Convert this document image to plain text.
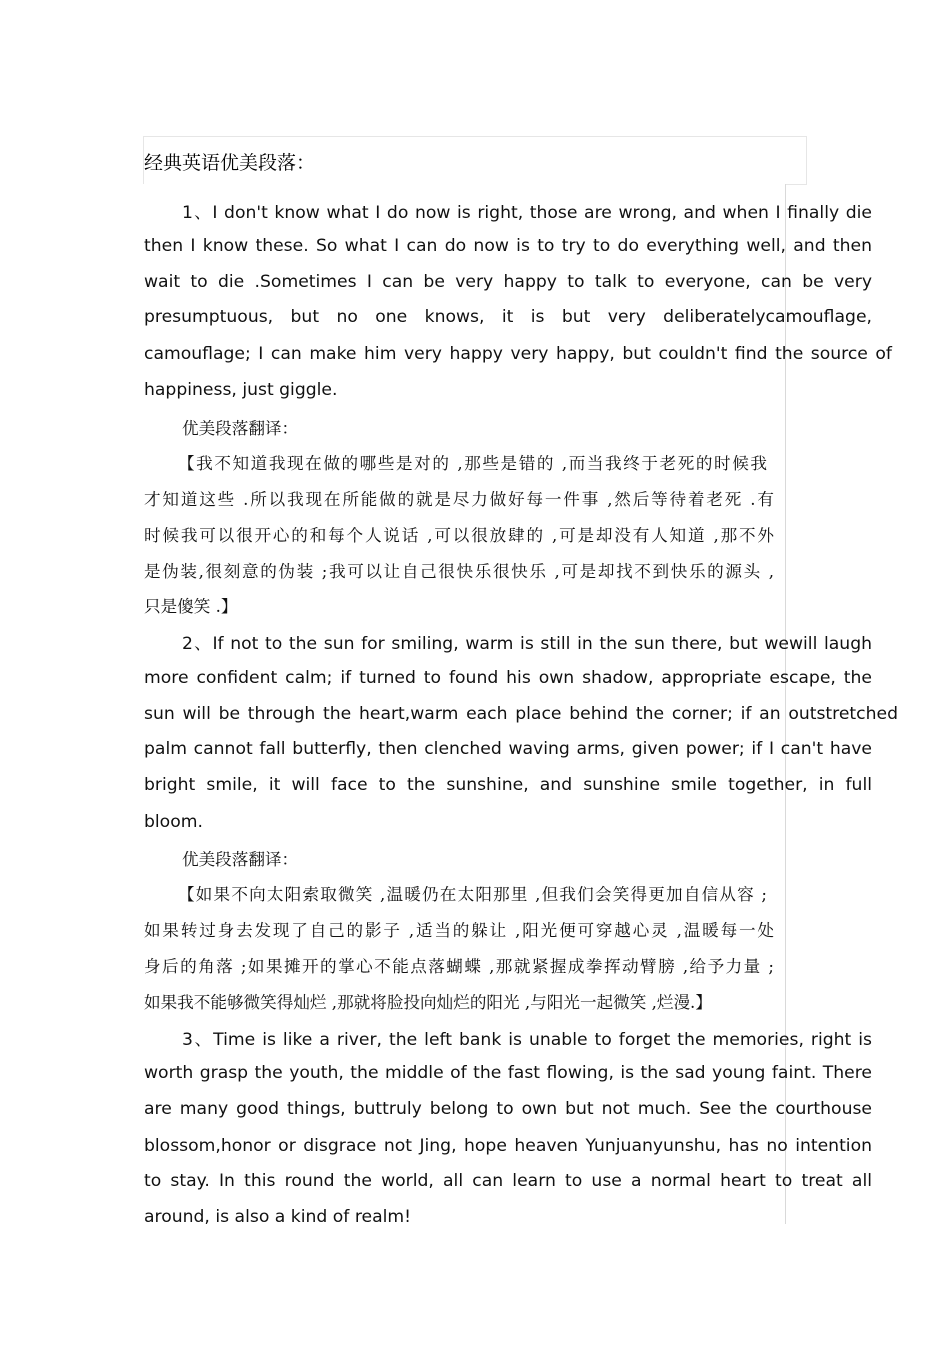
经典英语优美段落：

1、I don't know what I do now is right, those are wrong, and when I finally die

then I know these. So what I can do now is to try to do everything well, and then

wait to die .Sometimes I can be very happy to talk to everyone, can be very

presumptuous, but no one knows, it is but very deliberatelycamouflage,

camouflage; I can make him very happy very happy, but couldn't find the source of

happiness, just giggle.

优美段落翻译：

【我不知道我现在做的哪些是对的 ,那些是错的 ,而当我终于老死的时候我

才知道这些 .所以我现在所能做的就是尽力做好每一件事 ,然后等待着老死 .有

时候我可以很开心的和每个人说话 ,可以很放肆的 ,可是却没有人知道 ,那不外

是伪装,很刻意的伪装 ;我可以让自己很快乐很快乐 ,可是却找不到快乐的源头 ,

只是傻笑 .】

2、If not to the sun for smiling, warm is still in the sun there, but wewill laugh

more confident calm; if turned to found his own shadow, appropriate escape, the

sun will be through the heart,warm each place behind the corner; if an outstretched

palm cannot fall butterfly, then clenched waving arms, given power; if I can't have

bright smile, it will face to the sunshine, and sunshine smile together, in full

bloom.

优美段落翻译：

【如果不向太阳索取微笑 ,温暖仍在太阳那里 ,但我们会笑得更加自信从容 ;

如果转过身去发现了自己的影子 ,适当的躲让 ,阳光便可穿越心灵 ,温暖每一处

身后的角落 ;如果摊开的掌心不能点落蝴蝶 ,那就紧握成拳挥动臂膀 ,给予力量 ;

如果我不能够微笑得灿烂 ,那就将脸投向灿烂的阳光 ,与阳光一起微笑 ,烂漫.】

3、Time is like a river, the left bank is unable to forget the memories, right is

worth grasp the youth, the middle of the fast flowing, is the sad young faint. There

are many good things, buttruly belong to own but not much. See the courthouse

blossom,honor or disgrace not Jing, hope heaven Yunjuanyunshu, has no intention

to stay. In this round the world, all can learn to use a normal heart to treat all

around, is also a kind of realm!
